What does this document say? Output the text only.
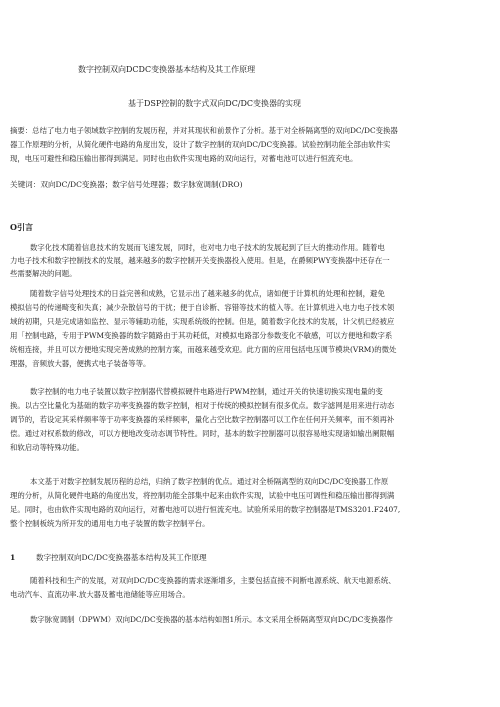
数字控制双向DCDC变换器基本结构及其工作原理
基于DSP控制的数字式双向DC/DC变换器的实现
摘要：总结了电力电子领域数字控制的发展历程，并对其现状和前景作了分析。基于对全桥隔离型的双向DC/DC变换器
器工作原理的分析，从简化硬件电路的角度出发，设计了数字控制的双向DC/DC变换器。试验控制功能全部由软件实
现，电压可避性和稳压输出都得到满足。同时也由软件实现电路的双向运行，对蓄电池可以进行恒流充电。
关键词：双向DC/DC变换器；数字信号处理器；数字脉宽调制(DRO)
O引言
数字化技术随着信息技术的发展而飞速发展，同时，也对电力电子技术的发展起到了巨大的推动作用。随着电
力电子技术和数字控制技术的发展，越来越多的数字控制开关变换器投入使用。但是，在爵频PWY变换器中还存在一
些需要解决的问题。
随着数字信号处理技术的日益完善和成熟，它显示出了越来越多的优点，诸如便于计算机的处理和控制，避免
模拟信号的传递畸变和失真；减少杂散信号的干扰；便于自诊断、容错等技术的植入等。在计算机进入电力电子技术领
域的初期，只是完成诸如监控、显示等辅助功能，实现系统级的控制。但是，随着数字化技术的发展，计父机已经被应
用「控制电路，专用于PWM变换器的数字随路由于其功耗低，对模拟电路部分参数变化不敏感，可以方便地和数字系
统相连接，并且可以方便地实现完善成熟的控制方案，而越来越受欢迎。此方面的应用包括电压调节模块(VRM)的微处
理器，音频放大器，便携式电子装备等等。
数字控制的电力电子装置以数字控制器代替模拟硬件电路进行PWM控制，通过开关的快速切换实现电量的变
换。以古空比量化为基础的数字功率变换器的数字控制，相对于传统的模拟控制有很多优点。数字滤网是用来进行动态
调节的，若设定其采样频率等于功率变换器的采样频率，量化占空比数字控制器可以工作在任何开关频率，而不须再补
偿。通过对权系数的修改，可以方便地改变动态调节特性。同时，基本的数字控制器可以很容易地实现诸如输出阑限幅
和软启动等特殊功能。
本文基于对数字控制发展历程的总结，归纳了数字控制的优点。通过对全桥隔离型的双向DC/DC变换器工作原
理的分析，从简化硬件电路的角度出发，将控制功能全部集中起来由软件实现，试验中电压可调性和稳压输出都得到满
足。同时，也由软件实现电路的双向运行，对蓄电池可以进行恒流充电。试验所采用的数字控制器是TMS3201.F2407,
整个控制板统为所开发的通用电力电子装置的数字控制平台。
1	数字控制双向DC/DC变换器基本结构及其工作原理
随着科技和生产的发展，对双向DC/DC变换器的需求逐渐增多，主要包括直接不间断电源系统、航天电源系统、
电动汽车、直流功率.放大器及蓄电池储能等应用场合。
数字脉宽调制（DPWM）双向DC/DC变换器的基本结构如图1所示。本文采用全桥隔离型双向DC/DC变换器作
